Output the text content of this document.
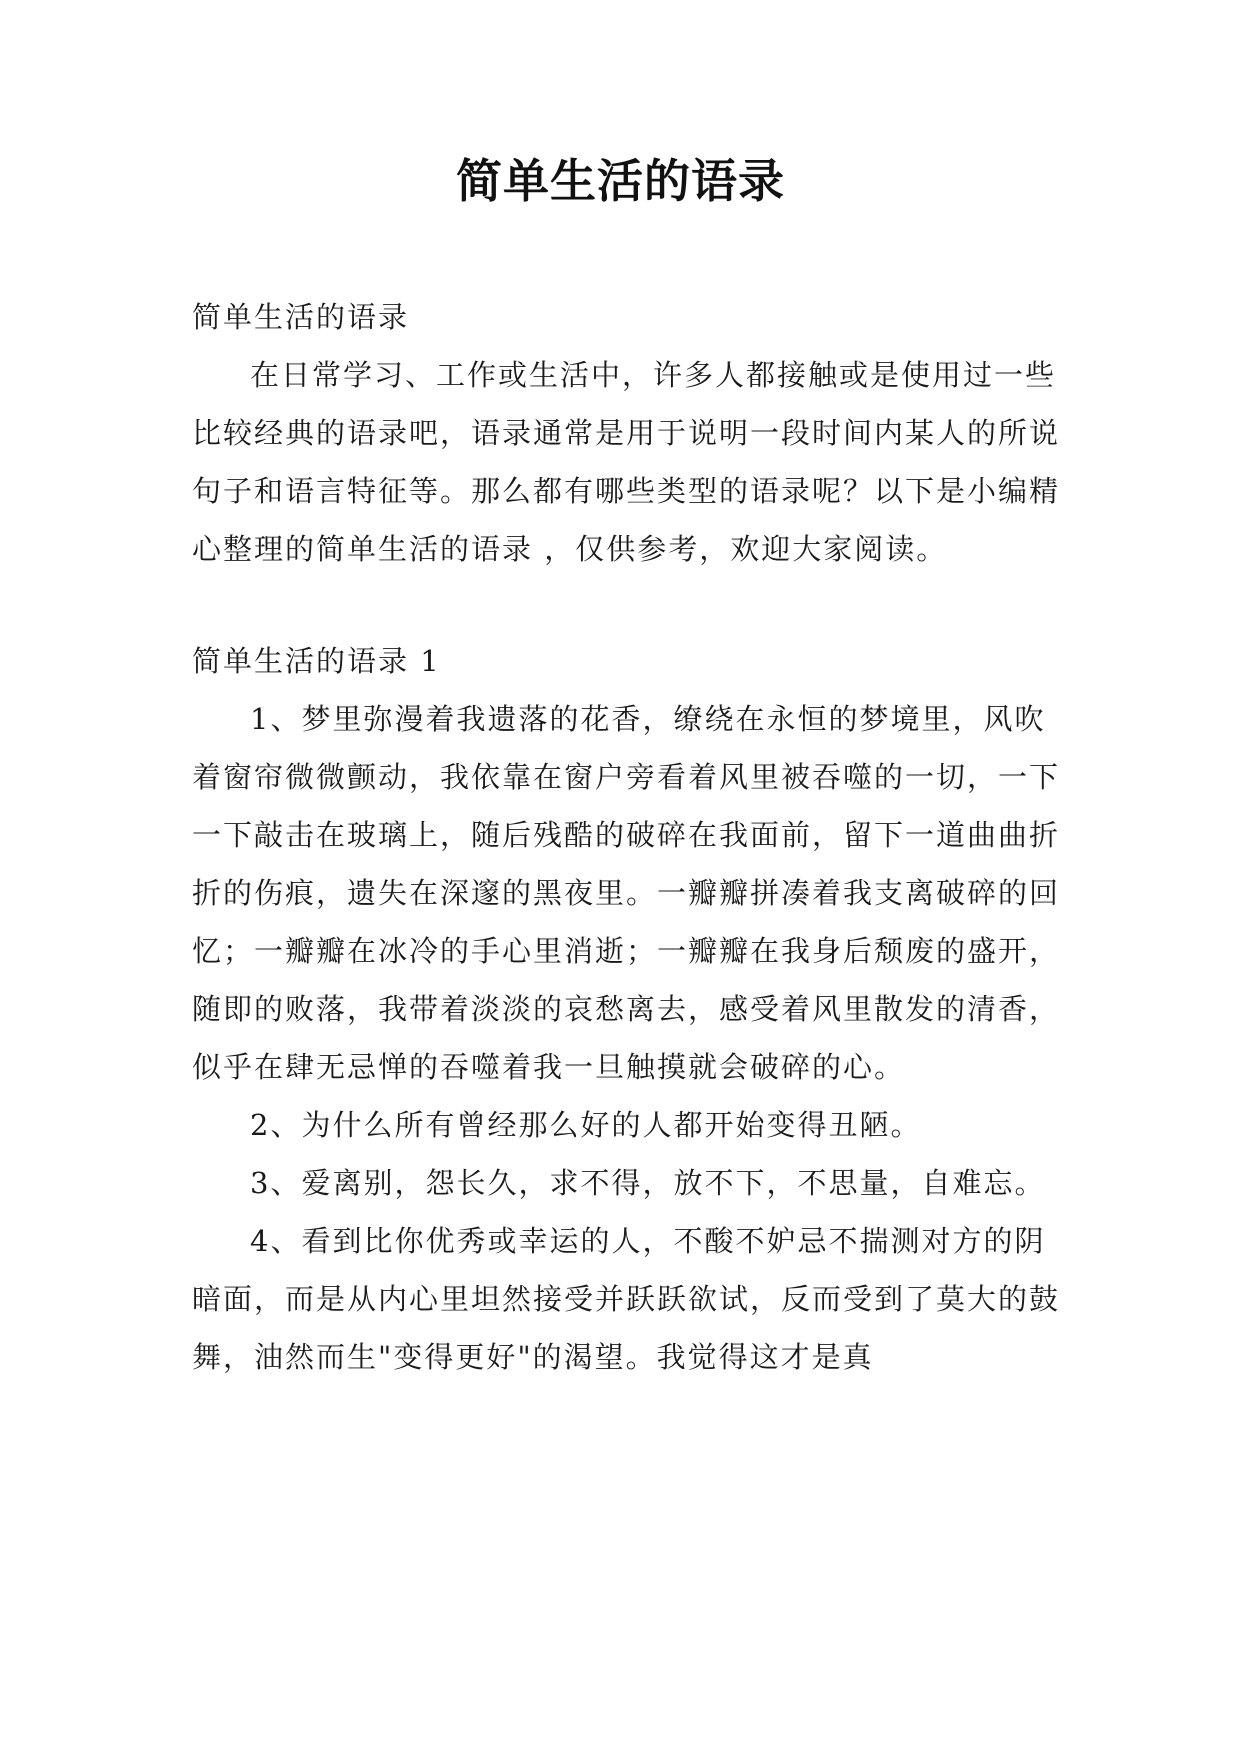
简单生活的语录

简单生活的语录

在日常学习、工作或生活中，许多人都接触或是使用过一些比较经典的语录吧，语录通常是用于说明一段时间内某人的所说句子和语言特征等。那么都有哪些类型的语录呢？以下是小编精心整理的简单生活的语录 ，仅供参考，欢迎大家阅读。

简单生活的语录 1

1、梦里弥漫着我遗落的花香，缭绕在永恒的梦境里，风吹着窗帘微微颤动，我依靠在窗户旁看着风里被吞噬的一切，一下一下敲击在玻璃上，随后残酷的破碎在我面前，留下一道曲曲折折的伤痕，遗失在深邃的黑夜里。一瓣瓣拼凑着我支离破碎的回忆；一瓣瓣在冰冷的手心里消逝；一瓣瓣在我身后颓废的盛开，随即的败落，我带着淡淡的哀愁离去，感受着风里散发的清香，似乎在肆无忌惮的吞噬着我一旦触摸就会破碎的心。

2、为什么所有曾经那么好的人都开始变得丑陋。

3、爱离别，怨长久，求不得，放不下，不思量，自难忘。

4、看到比你优秀或幸运的人，不酸不妒忌不揣测对方的阴暗面，而是从内心里坦然接受并跃跃欲试，反而受到了莫大的鼓舞，油然而生"变得更好"的渴望。我觉得这才是真
